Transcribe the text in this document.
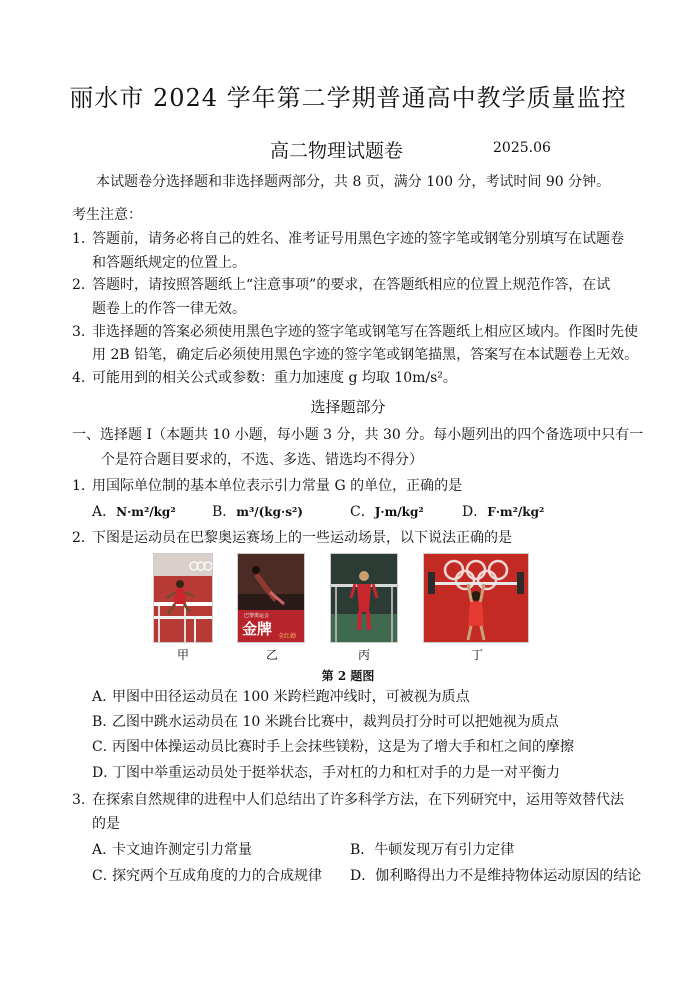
丽水市 2024 学年第二学期普通高中教学质量监控
高二物理试题卷	2025.06
本试题卷分选择题和非选择题两部分，共 8 页，满分 100 分，考试时间 90 分钟。
考生注意：
1. 答题前，请务必将自己的姓名、准考证号用黑色字迹的签字笔或钢笔分别填写在试题卷
和答题纸规定的位置上。
2. 答题时，请按照答题纸上“注意事项”的要求，在答题纸相应的位置上规范作答，在试
题卷上的作答一律无效。
3. 非选择题的答案必须使用黑色字迹的签字笔或钢笔写在答题纸上相应区域内。作图时先使
用 2B 铅笔，确定后必须使用黑色字迹的签字笔或钢笔描黑，答案写在本试题卷上无效。
4. 可能用到的相关公式或参数：重力加速度 g 均取 10m/s²。
选择题部分
一、选择题 I（本题共 10 小题，每小题 3 分，共 30 分。每小题列出的四个备选项中只有一
个是符合题目要求的，不选、多选、错选均不得分）
1. 用国际单位制的基本单位表示引力常量 G 的单位，正确的是
A．N·m²/kg²	B．m³/(kg·s²)	C．J·m/kg²	D．F·m²/kg²
2．下图是运动员在巴黎奥运赛场上的一些运动场景，以下说法正确的是
巴黎奥运会
金牌 全红婵
甲	乙	丙	丁
第 2 题图
A. 甲图中田径运动员在 100 米跨栏跑冲线时，可被视为质点
B. 乙图中跳水运动员在 10 米跳台比赛中，裁判员打分时可以把她视为质点
C．丙图中体操运动员比赛时手上会抹些镁粉，这是为了增大手和杠之间的摩擦
D．丁图中举重运动员处于挺举状态，手对杠的力和杠对手的力是一对平衡力
3. 在探索自然规律的进程中人们总结出了许多科学方法，在下列研究中，运用等效替代法
的是
A. 卡文迪许测定引力常量	B．牛顿发现万有引力定律
C．探究两个互成角度的力的合成规律 D．伽利略得出力不是维持物体运动原因的结论
